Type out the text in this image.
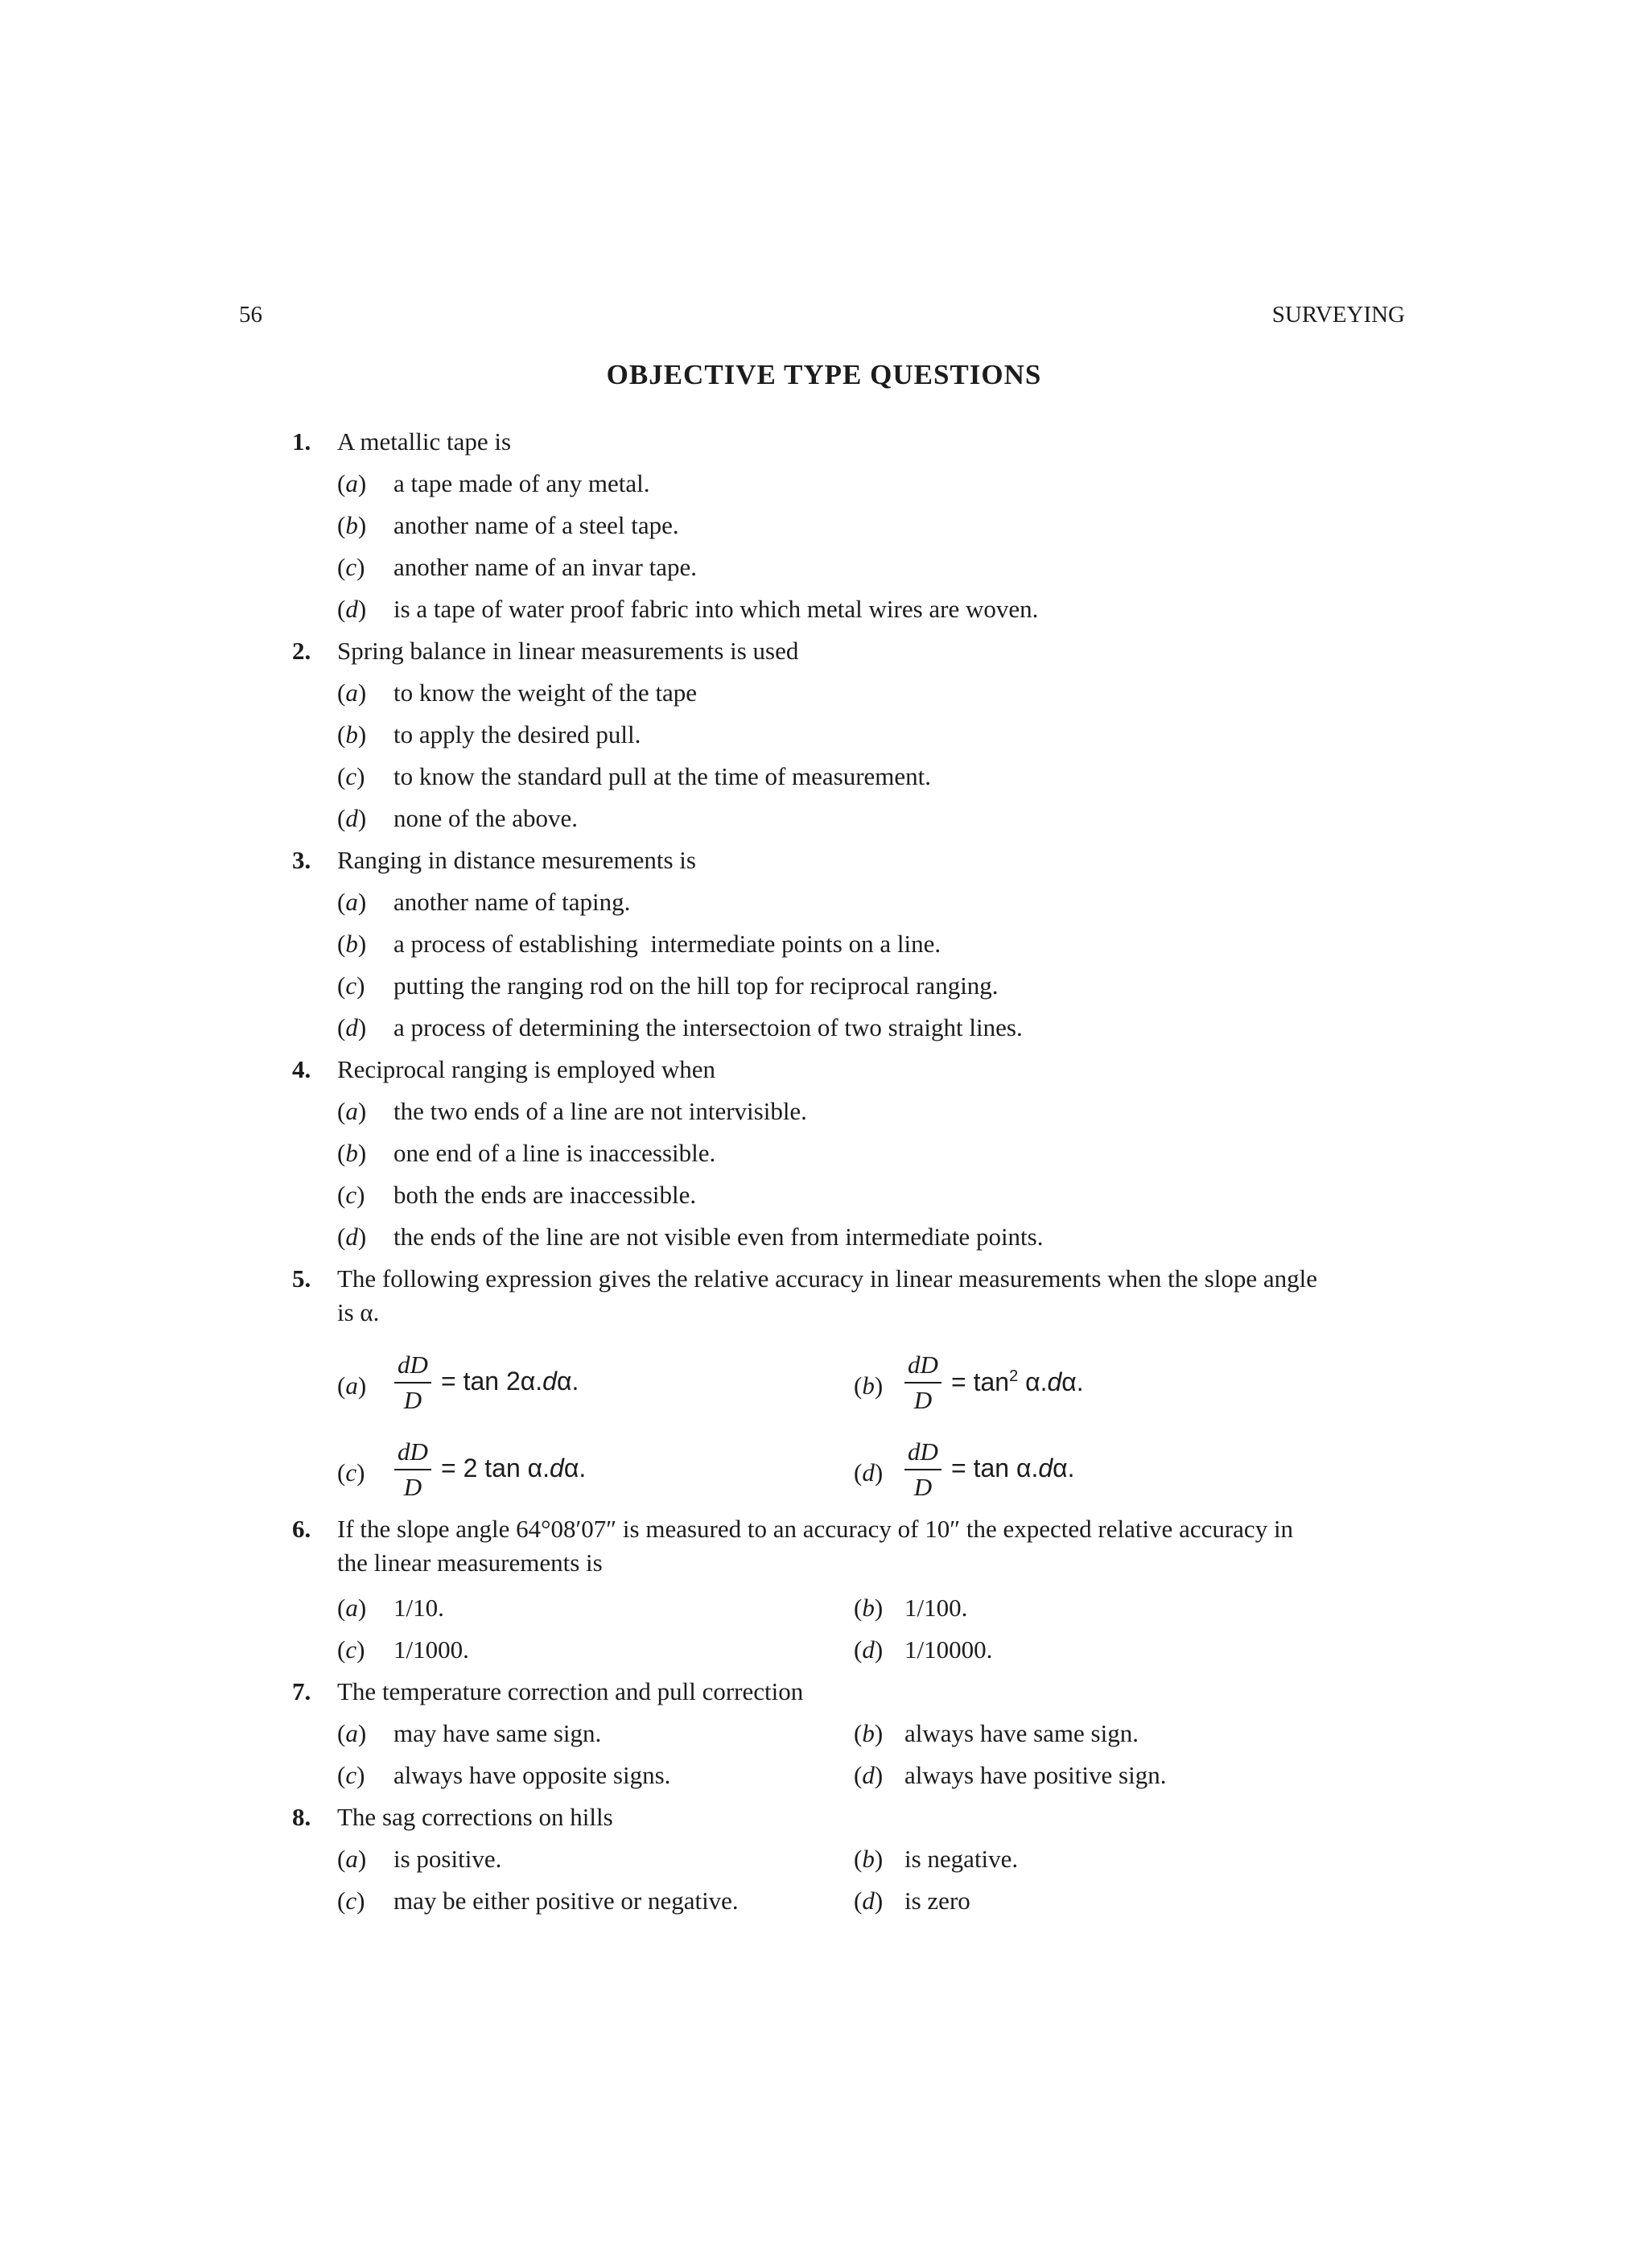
56	SURVEYING
OBJECTIVE TYPE QUESTIONS
1. A metallic tape is
(a) a tape made of any metal.
(b) another name of a steel tape.
(c) another name of an invar tape.
(d) is a tape of water proof fabric into which metal wires are woven.
2. Spring balance in linear measurements is used
(a) to know the weight of the tape
(b) to apply the desired pull.
(c) to know the standard pull at the time of measurement.
(d) none of the above.
3. Ranging in distance mesurements is
(a) another name of taping.
(b) a process of establishing  intermediate points on a line.
(c) putting the ranging rod on the hill top for reciprocal ranging.
(d) a process of determining the intersectoion of two straight lines.
4. Reciprocal ranging is employed when
(a) the two ends of a line are not intervisible.
(b) one end of a line is inaccessible.
(c) both the ends are inaccessible.
(d) the ends of the line are not visible even from intermediate points.
5. The following expression gives the relative accuracy in linear measurements when the slope angle
is α.
(a)
dD
D
= tan 2α.dα.	(b)
dD
D
= $\tan^2 \alpha.d\alpha$.
(c)
dD
D
= 2 tan α.dα.	(d)
dD
D
= tan α.dα.
6. If the slope angle 64°08′07″ is measured to an accuracy of 10″ the expected relative accuracy in
the linear measurements is
(a) 1/10.	(b) 1/100.
(c) 1/1000.	(d) 1/10000.
7. The temperature correction and pull correction
(a) may have same sign.	(b) always have same sign.
(c) always have opposite signs.	(d) always have positive sign.
8. The sag corrections on hills
(a) is positive.	(b) is negative.
(c) may be either positive or negative.	(d) is zero
